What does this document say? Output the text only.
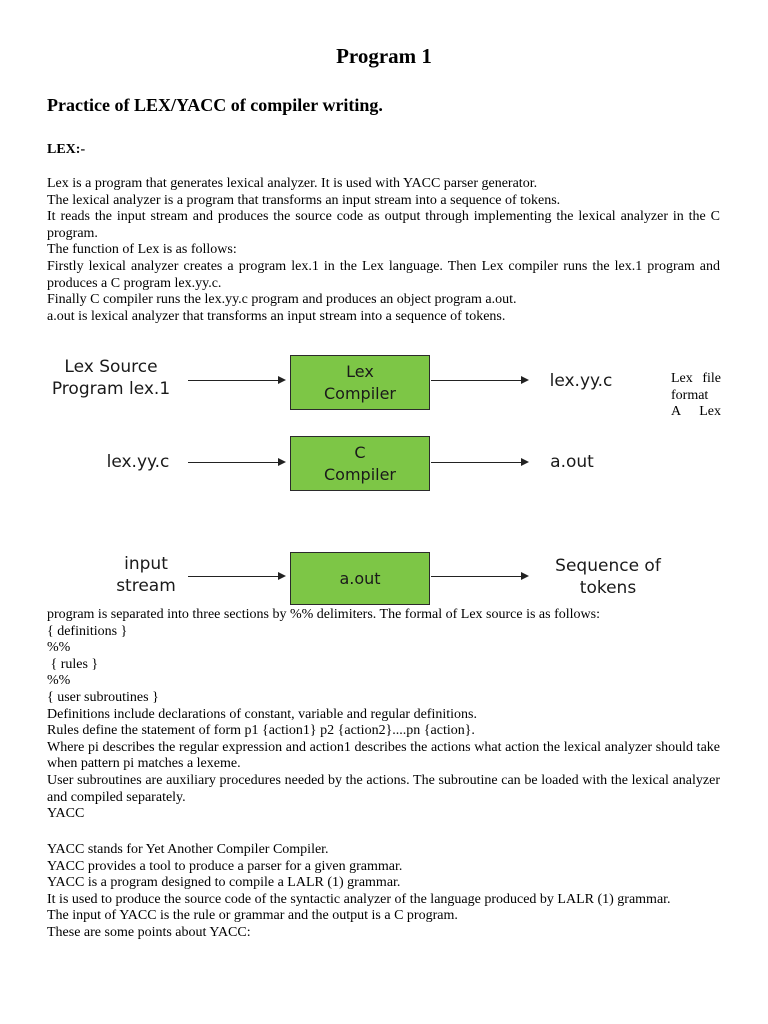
Program 1
Practice of LEX/YACC of compiler writing.
LEX:-

Lex is a program that generates lexical analyzer. It is used with YACC parser generator.

The lexical analyzer is a program that transforms an input stream into a sequence of tokens.

It reads the input stream and produces the source code as output through implementing the lexical analyzer in the C program.

The function of Lex is as follows:

Firstly lexical analyzer creates a program lex.1 in the Lex language. Then Lex compiler runs the lex.1 program and produces a C program lex.yy.c.

Finally C compiler runs the lex.yy.c program and produces an object program a.out.

a.out is lexical analyzer that transforms an input stream into a sequence of tokens.

Lex Source
Program lex.1
Lex
Compiler
lex.yy.c
lex.yy.c	C
Compiler
a.out
input
stream	a.out
Sequence of
tokens
Lex file
format
A Lex

program is separated into three sections by %% delimiters. The formal of Lex source is as follows:

{ definitions }

%%

{ rules }

%%

{ user subroutines }

Definitions include declarations of constant, variable and regular definitions.

Rules define the statement of form p1 {action1} p2 {action2}....pn {action}.

Where pi describes the regular expression and action1 describes the actions what action the lexical analyzer should take when pattern pi matches a lexeme.

User subroutines are auxiliary procedures needed by the actions. The subroutine can be loaded with the lexical analyzer and compiled separately.

YACC

YACC stands for Yet Another Compiler Compiler.

YACC provides a tool to produce a parser for a given grammar.

YACC is a program designed to compile a LALR (1) grammar.

It is used to produce the source code of the syntactic analyzer of the language produced by LALR (1) grammar.

The input of YACC is the rule or grammar and the output is a C program.

These are some points about YACC:
